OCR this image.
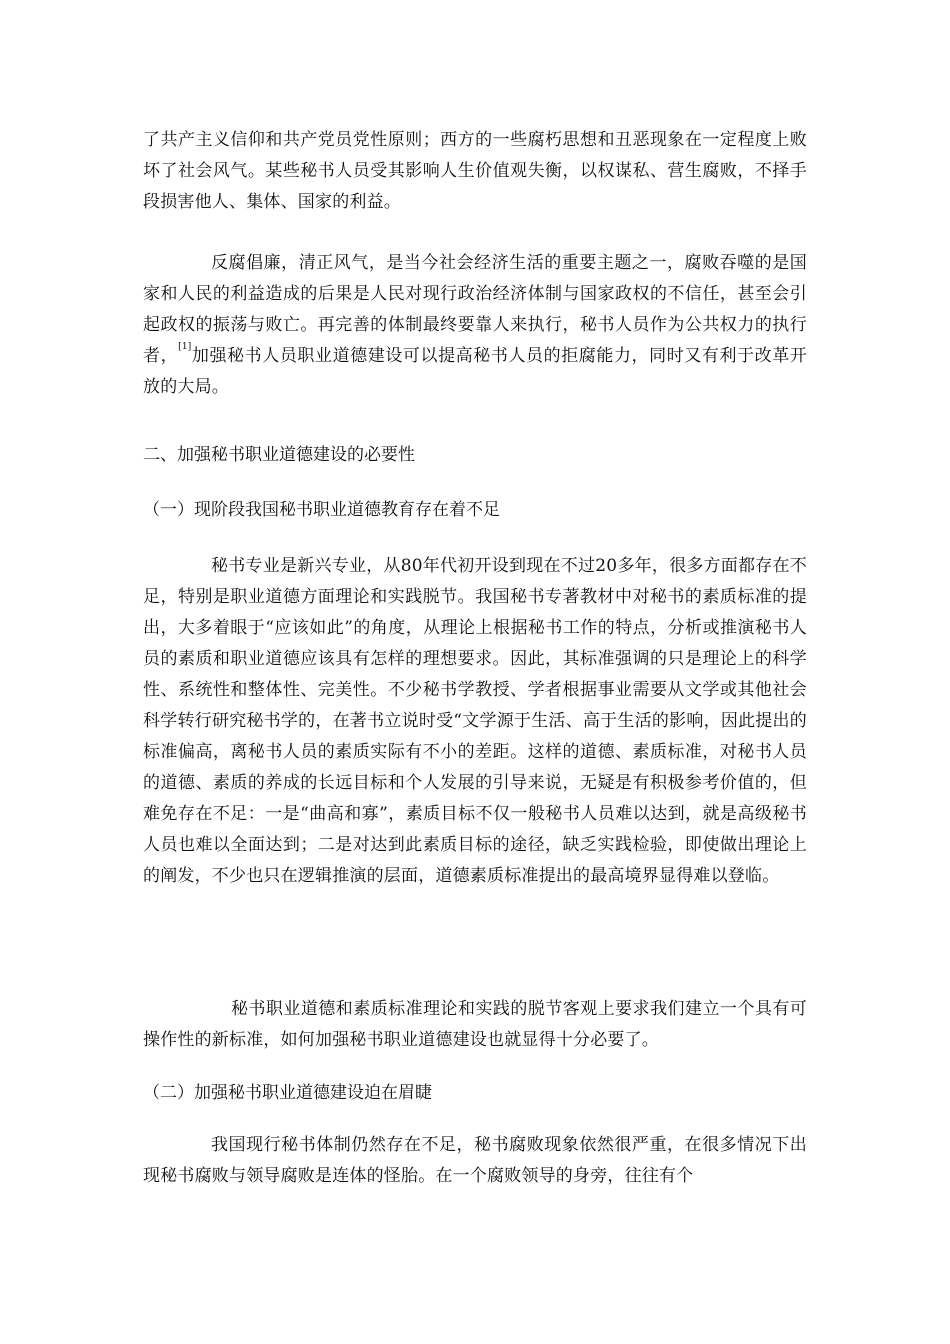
了共产主义信仰和共产党员党性原则；西方的一些腐朽思想和丑恶现象在一定程度上败坏了社会风气。某些秘书人员受其影响人生价值观失衡，以权谋私、营生腐败，不择手段损害他人、集体、国家的利益。

反腐倡廉，清正风气，是当今社会经济生活的重要主题之一，腐败吞噬的是国家和人民的利益造成的后果是人民对现行政治经济体制与国家政权的不信任，甚至会引起政权的振荡与败亡。再完善的体制最终要靠人来执行，秘书人员作为公共权力的执行者，[1]加强秘书人员职业道德建设可以提高秘书人员的拒腐能力，同时又有利于改革开放的大局。

二、加强秘书职业道德建设的必要性

（一）现阶段我国秘书职业道德教育存在着不足

秘书专业是新兴专业，从80年代初开设到现在不过20多年，很多方面都存在不足，特别是职业道德方面理论和实践脱节。我国秘书专著教材中对秘书的素质标准的提出，大多着眼于“应该如此”的角度，从理论上根据秘书工作的特点，分析或推演秘书人员的素质和职业道德应该具有怎样的理想要求。因此，其标准强调的只是理论上的科学性、系统性和整体性、完美性。不少秘书学教授、学者根据事业需要从文学或其他社会科学转行研究秘书学的，在著书立说时受“文学源于生活、高于生活的影响，因此提出的标准偏高，离秘书人员的素质实际有不小的差距。这样的道德、素质标准，对秘书人员的道德、素质的养成的长远目标和个人发展的引导来说，无疑是有积极参考价值的，但难免存在不足：一是“曲高和寡”，素质目标不仅一般秘书人员难以达到，就是高级秘书人员也难以全面达到；二是对达到此素质目标的途径，缺乏实践检验，即使做出理论上的阐发，不少也只在逻辑推演的层面，道德素质标准提出的最高境界显得难以登临。

秘书职业道德和素质标准理论和实践的脱节客观上要求我们建立一个具有可操作性的新标准，如何加强秘书职业道德建设也就显得十分必要了。

（二）加强秘书职业道德建设迫在眉睫

我国现行秘书体制仍然存在不足，秘书腐败现象依然很严重，在很多情况下出现秘书腐败与领导腐败是连体的怪胎。在一个腐败领导的身旁，往往有个
